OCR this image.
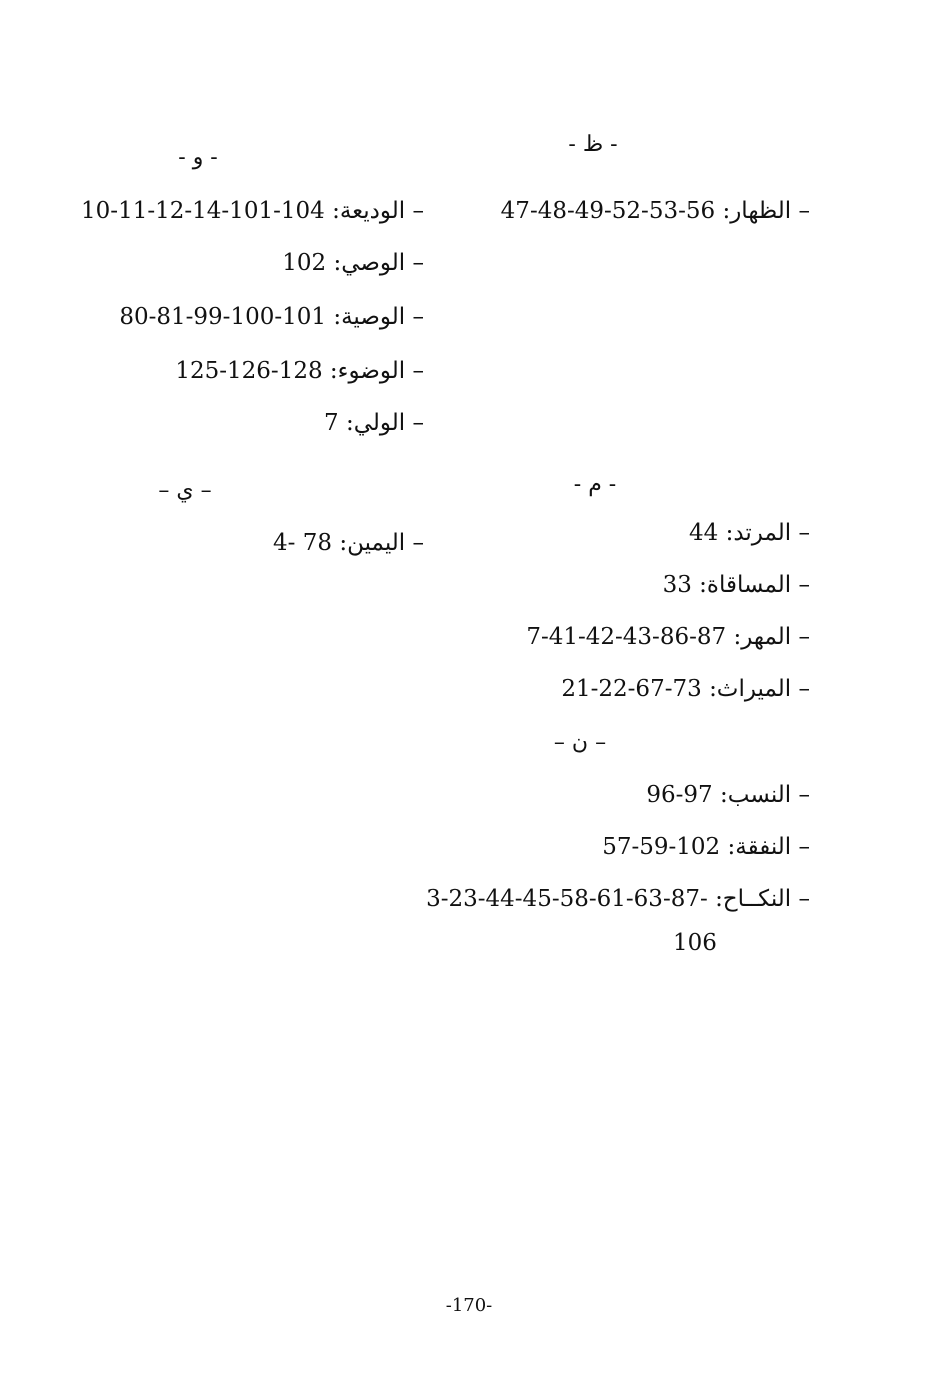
- ظ -
– الظهار: 47-48-49-52-53-56
- م -
– المرتد: 44
– المساقاة: 33
– المهر: 7-41-42-43-86-87
– الميراث: 21-22-67-73
– ن –
– النسب: 96-97
– النفقة: 57-59-102
– النكــاح: 3-23-44-45-58-61-63-87-
106
- و -
– الوديعة: 10-11-12-14-101-104
– الوصي: 102
– الوصية: 80-81-99-100-101
– الوضوء: 125-126-128
– الولي: 7
– ي –
– اليمين: 4- 78
-170-
